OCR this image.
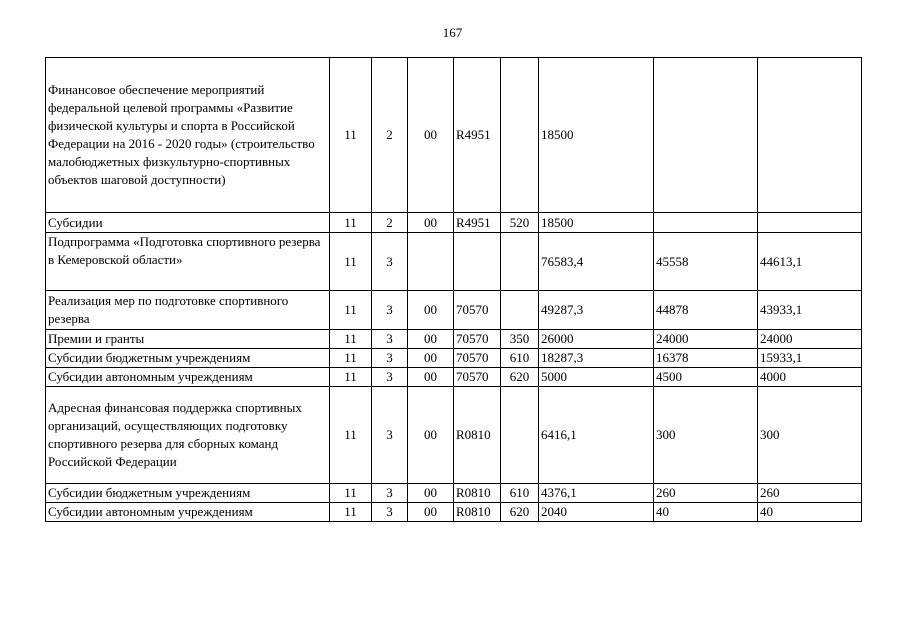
167
Финансовое обеспечение мероприятий федеральной целевой программы «Развитие физической культуры и спорта в Российской Федерации на 2016 - 2020 годы» (строительство малобюджетных физкультурно-спортивных объектов шаговой доступности)	11	2	00	R4951		18500		
Субсидии	11	2	00	R4951	520	18500		
Подпрограмма «Подготовка спортивного резерва в Кемеровской области»	11	3				76583,4	45558	44613,1
Реализация мер по подготовке спортивного резерва	11	3	00	70570		49287,3	44878	43933,1
Премии и гранты	11	3	00	70570	350	26000	24000	24000
Субсидии бюджетным учреждениям	11	3	00	70570	610	18287,3	16378	15933,1
Субсидии автономным учреждениям	11	3	00	70570	620	5000	4500	4000
Адресная финансовая поддержка спортивных организаций, осуществляющих подготовку спортивного резерва для сборных команд Российской Федерации	11	3	00	R0810		6416,1	300	300
Субсидии бюджетным учреждениям	11	3	00	R0810	610	4376,1	260	260
Субсидии автономным учреждениям	11	3	00	R0810	620	2040	40	40
